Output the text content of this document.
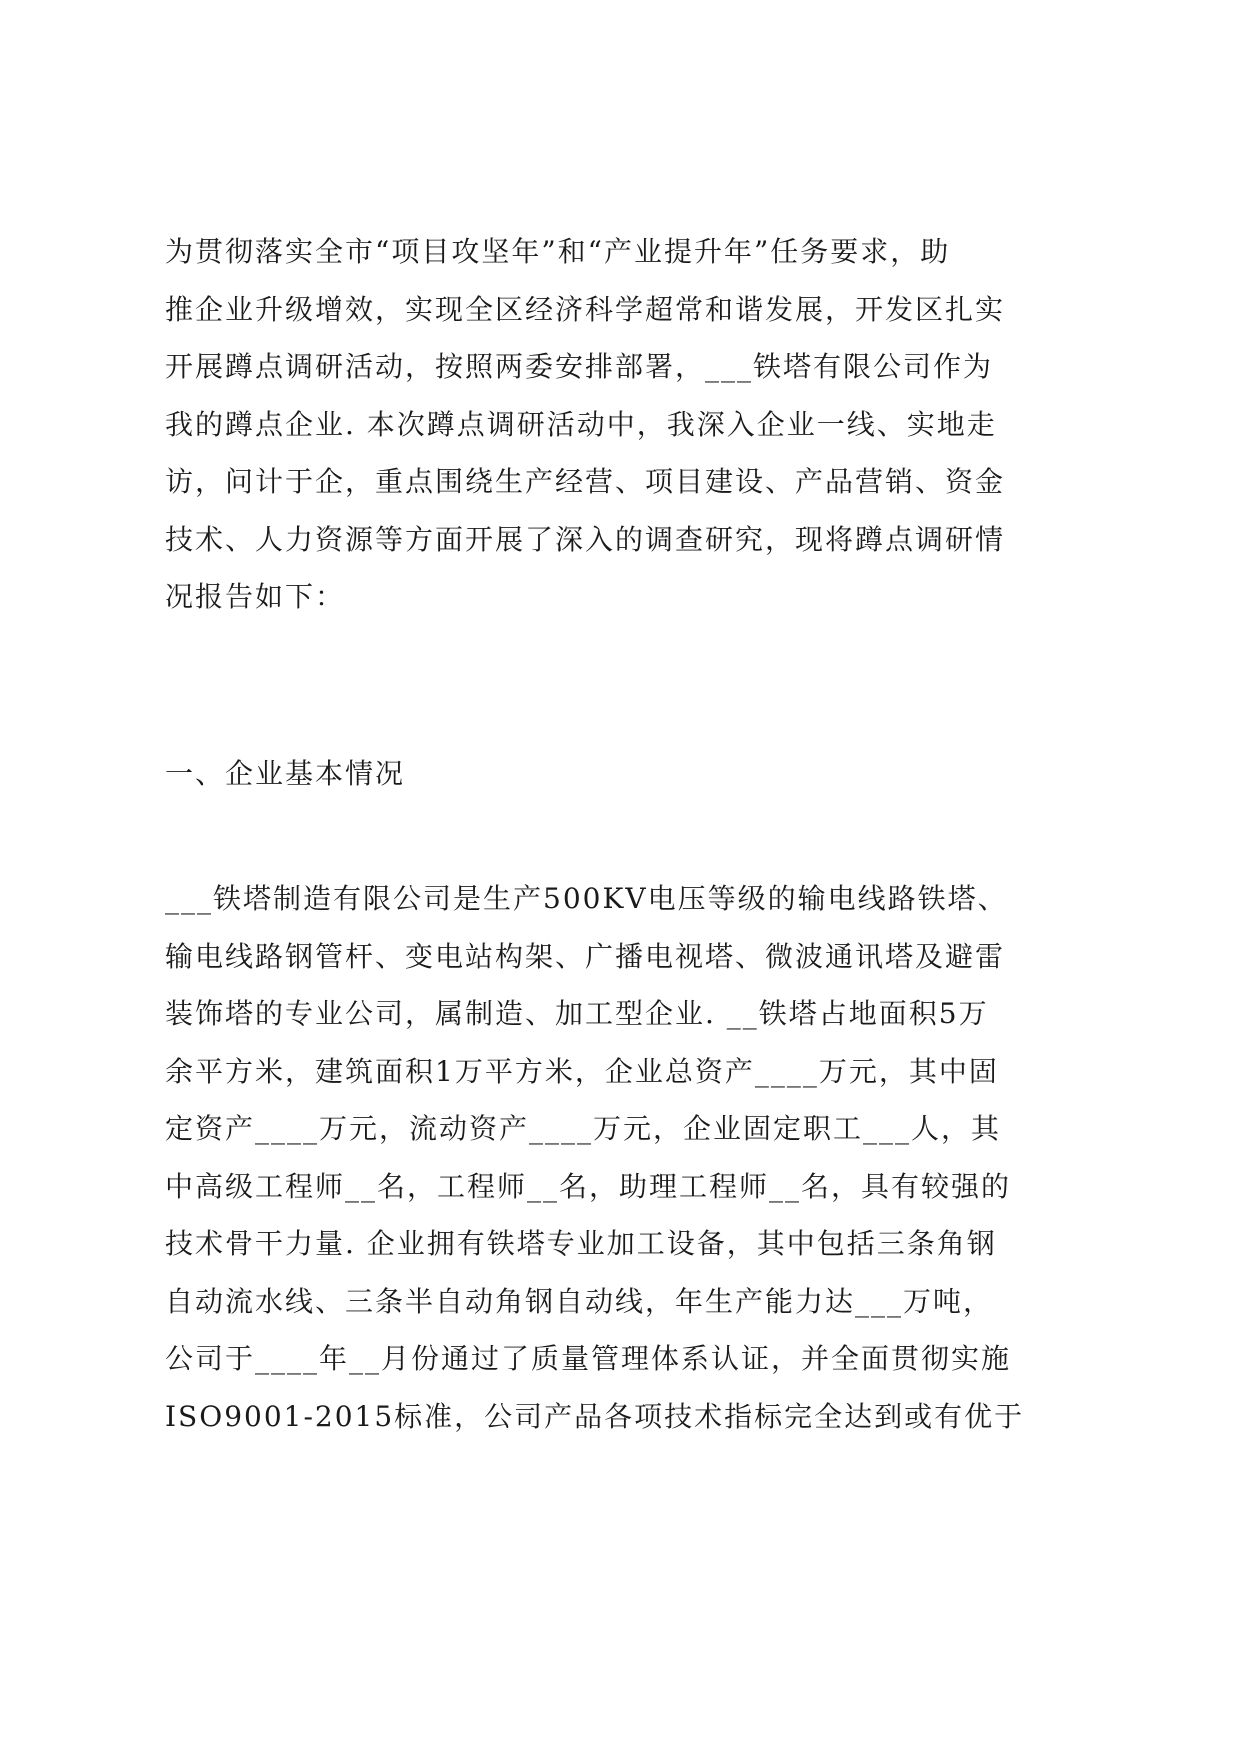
为贯彻落实全市“项目攻坚年”和“产业提升年”任务要求，助
推企业升级增效，实现全区经济科学超常和谐发展，开发区扎实
开展蹲点调研活动，按照两委安排部署，___铁塔有限公司作为
我的蹲点企业. 本次蹲点调研活动中，我深入企业一线、实地走
访，问计于企，重点围绕生产经营、项目建设、产品营销、资金
技术、人力资源等方面开展了深入的调查研究，现将蹲点调研情
况报告如下：
一、企业基本情况
___铁塔制造有限公司是生产500KV电压等级的输电线路铁塔、
输电线路钢管杆、变电站构架、广播电视塔、微波通讯塔及避雷
装饰塔的专业公司，属制造、加工型企业. __铁塔占地面积5万
余平方米，建筑面积1万平方米，企业总资产____万元，其中固
定资产____万元，流动资产____万元，企业固定职工___人，其
中高级工程师__名，工程师__名，助理工程师__名，具有较强的
技术骨干力量. 企业拥有铁塔专业加工设备，其中包括三条角钢
自动流水线、三条半自动角钢自动线，年生产能力达___万吨，
公司于____年__月份通过了质量管理体系认证，并全面贯彻实施
ISO9001-2015标准，公司产品各项技术指标完全达到或有优于
